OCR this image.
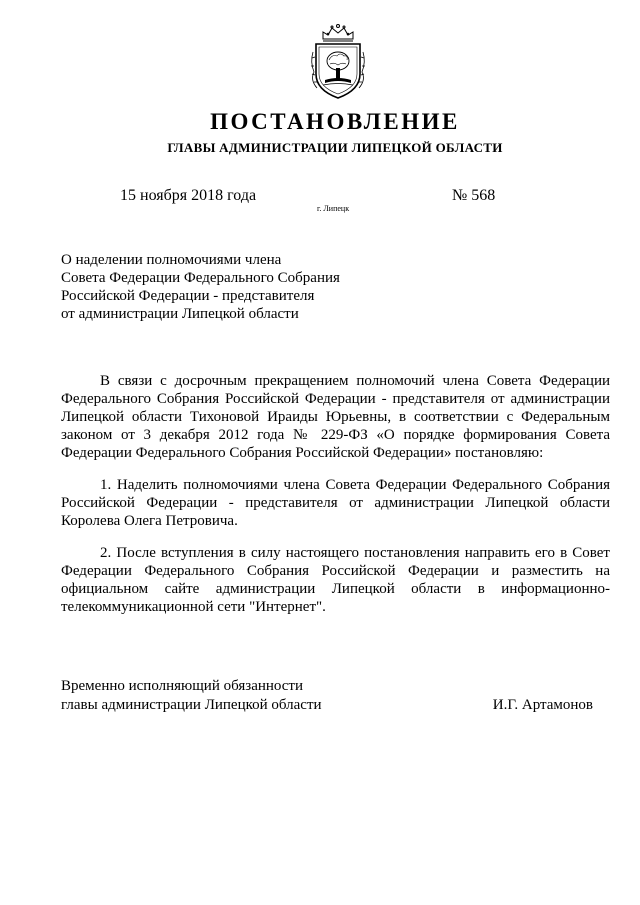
ПОСТАНОВЛЕНИЕ
ГЛАВЫ АДМИНИСТРАЦИИ ЛИПЕЦКОЙ ОБЛАСТИ
15 ноября 2018 года
г. Липецк
№ 568
О наделении полномочиями члена
Совета Федерации Федерального Собрания
Российской Федерации - представителя
от администрации Липецкой области

В связи с досрочным прекращением полномочий члена Совета Федерации Федерального Собрания Российской Федерации - представителя от администрации Липецкой области Тихоновой Ираиды Юрьевны, в соответствии с Федеральным законом от 3 декабря 2012 года № 229-ФЗ «О порядке формирования Совета Федерации Федерального Собрания Российской Федерации» постановляю:

1. Наделить полномочиями члена Совета Федерации Федерального Собрания Российской Федерации - представителя от администрации Липецкой области Королева Олега Петровича.

2. После вступления в силу настоящего постановления направить его в Совет Федерации Федерального Собрания Российской Федерации и разместить на официальном сайте администрации Липецкой области в информационно-телекоммуникационной сети "Интернет".

Временно исполняющий обязанности
главы администрации Липецкой области	И.Г. Артамонов
